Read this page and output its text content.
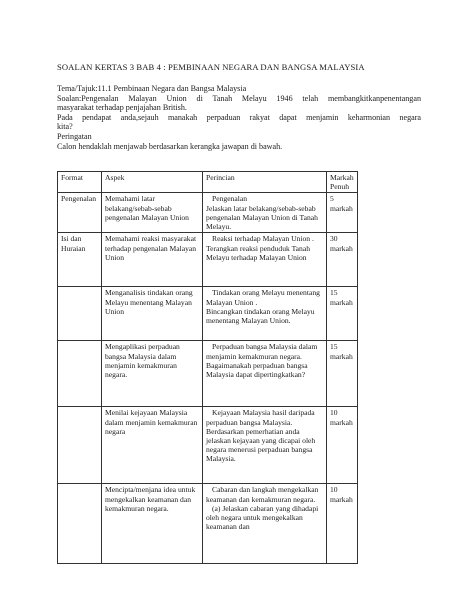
SOALAN KERTAS 3 BAB 4 : PEMBINAAN NEGARA DAN BANGSA MALAYSIA
Tema/Tajuk:11.1 Pembinaan Negara dan Bangsa Malaysia
Soalan:Pengenalan Malayan Union di Tanah Melayu 1946 telah membangkitkanpenentangan
masyarakat terhadap penjajahan British.
Pada pendapat anda,sejauh manakah perpaduan rakyat dapat menjamin keharmonian negara
kita?
Peringatan
Calon hendaklah menjawab berdasarkan kerangka jawapan di bawah.
Format	Aspek	Perincian	Markah Penuh
Pengenalan	Memahami latar belakang/sebab-sebab pengenalan Malayan Union	Pengenalan
Jelaskan latar belakang/sebab-sebab pengenalan Malayan Union di Tanah Melayu.	5 markah
Isi dan Huraian	Memahami reaksi masyarakat terhadap pengenalan Malayan Union	Reaksi terhadap Malayan Union .
Terangkan reaksi penduduk Tanah Melayu terhadap Malayan Union	30 markah
	Menganalisis tindakan orang Melayu menentang Malayan Union	Tindakan orang Melayu menentang Malayan Union .
Bincangkan tindakan orang Melayu menentang Malayan Union.	15 markah
	Mengaplikasi perpaduan bangsa Malaysia dalam menjamin kemakmuran negara.	Perpaduan bangsa Malaysia dalam menjamin kemakmuran negara.
Bagaimanakah perpaduan bangsa Malaysia dapat dipertingkatkan?	15 markah
	Menilai kejayaan Malaysia dalam menjamin kemakmuran negara	Kejayaan Malaysia hasil daripada perpaduan bangsa Malaysia.
Berdasarkan pemerhatian anda jelaskan kejayaan yang dicapai oleh negara menerusi perpaduan bangsa Malaysia.	10 markah
	Mencipta/menjana idea untuk mengekalkan keamanan dan kemakmuran negara.	Cabaran dan langkah mengekalkan keamanan dan kemakmuran negara.
(a) Jelaskan cabaran yang dihadapi oleh negara untuk mengekalkan keamanan dan	10 markah
